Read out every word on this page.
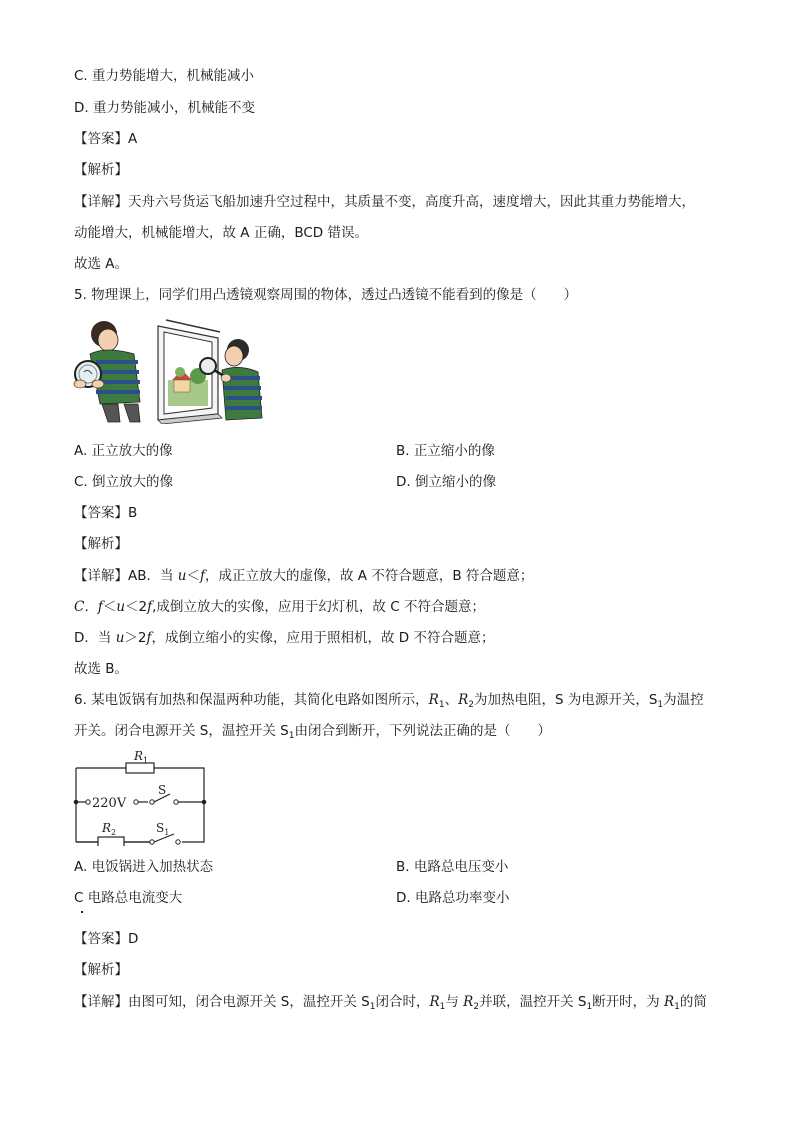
C. 重力势能增大，机械能减小
D. 重力势能减小，机械能不变
【答案】A
【解析】
【详解】天舟六号货运飞船加速升空过程中，其质量不变，高度升高，速度增大，因此其重力势能增大，
动能增大，机械能增大，故 A 正确，BCD 错误。
故选 A。
5. 物理课上，同学们用凸透镜观察周围的物体，透过凸透镜不能看到的像是（　　）
A. 正立放大的像	B. 正立缩小的像
C. 倒立放大的像	D. 倒立缩小的像
【答案】B
【解析】
【详解】AB．当 u＜f，成正立放大的虚像，故 A 不符合题意，B 符合题意；
C．f＜u＜2f,成倒立放大的实像，应用于幻灯机，故 C 不符合题意；
D．当 u＞2f，成倒立缩小的实像，应用于照相机，故 D 不符合题意；
故选 B。
6. 某电饭锅有加热和保温两种功能，其简化电路如图所示，$R_1$、$R_2$为加热电阻，S 为电源开关，$S_1$为温控
开关。闭合电源开关 S，温控开关 $S_1$由闭合到断开，下列说法正确的是（　　）
$R_1$
$R_2$
220V
S
$S_1$
A. 电饭锅进入加热状态	B. 电路总电压变小
C 电路总电流变大	D. 电路总功率变小
【答案】D
【解析】
【详解】由图可知，闭合电源开关 S，温控开关 $S_1$闭合时，$R_1$与 $R_2$并联，温控开关 $S_1$断开时，为 $R_1$的简
